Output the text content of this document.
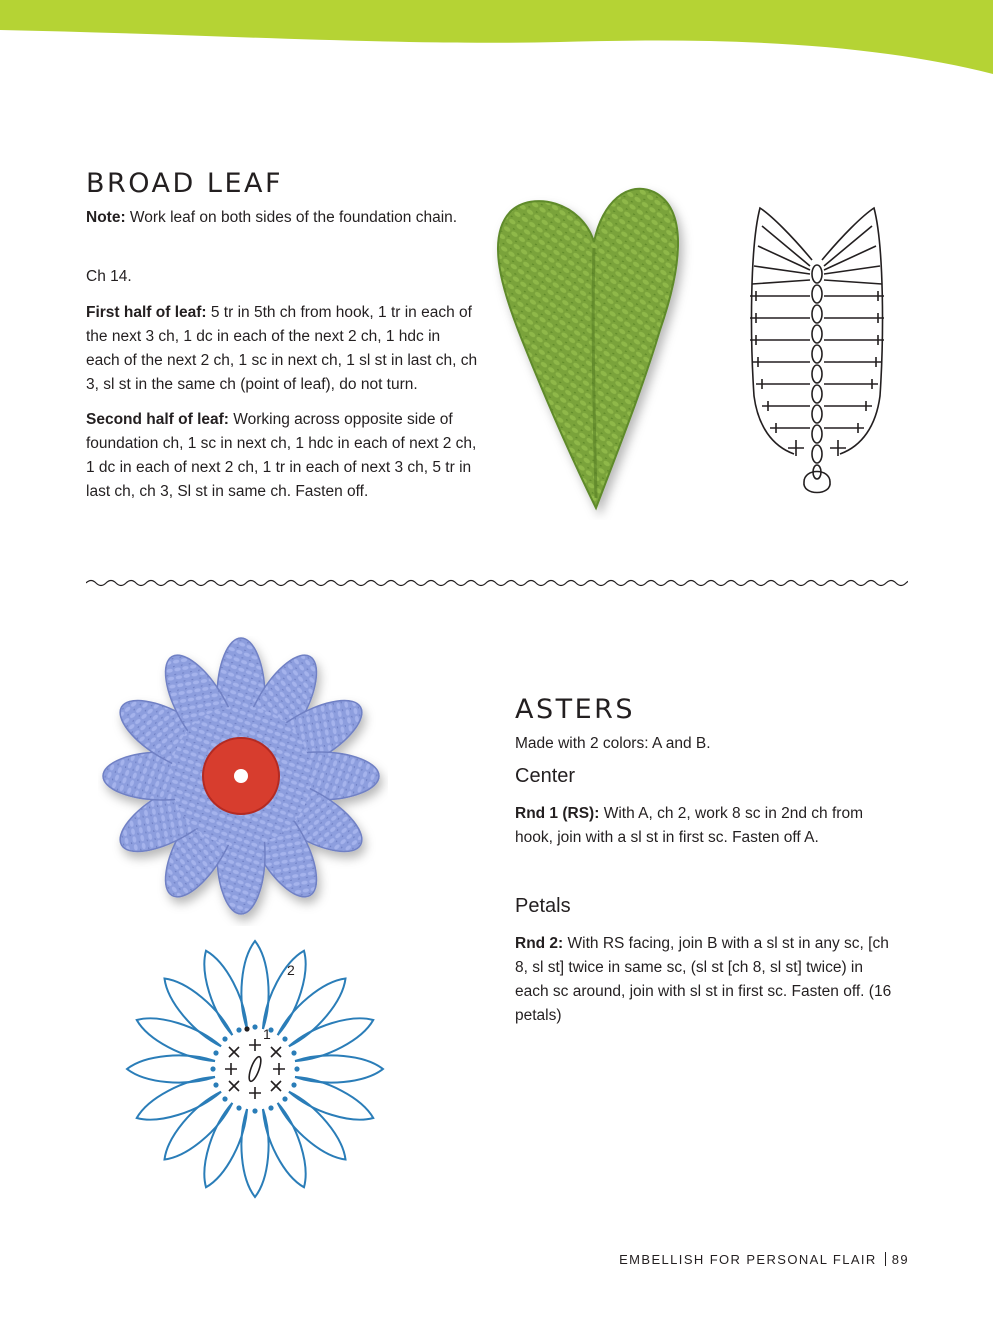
BROAD LEAF

Note: Work leaf on both sides of the foundation chain.

Ch 14.

First half of leaf: 5 tr in 5th ch from hook, 1 tr in each of the next 3 ch, 1 dc in each of the next 2 ch, 1 hdc in each of the next 2 ch, 1 sc in next ch, 1 sl st in last ch, ch 3, sl st in the same ch (point of leaf), do not turn.

Second half of leaf: Working across opposite side of foundation ch, 1 sc in next ch, 1 hdc in each of next 2 ch, 1 dc in each of next 2 ch, 1 tr in each of next 3 ch, 5 tr in last ch, ch 3, Sl st in same ch. Fasten off.

1
2
ASTERS

Made with 2 colors: A and B.

Center

Rnd 1 (RS): With A, ch 2, work 8 sc in 2nd ch from hook, join with a sl st in first sc. Fasten off A.

Petals

Rnd 2: With RS facing, join B with a sl st in any sc, [ch 8, sl st] twice in same sc, (sl st [ch 8, sl st] twice) in each sc around, join with sl st in first sc. Fasten off. (16 petals)

EMBELLISH FOR PERSONAL FLAIR 89
